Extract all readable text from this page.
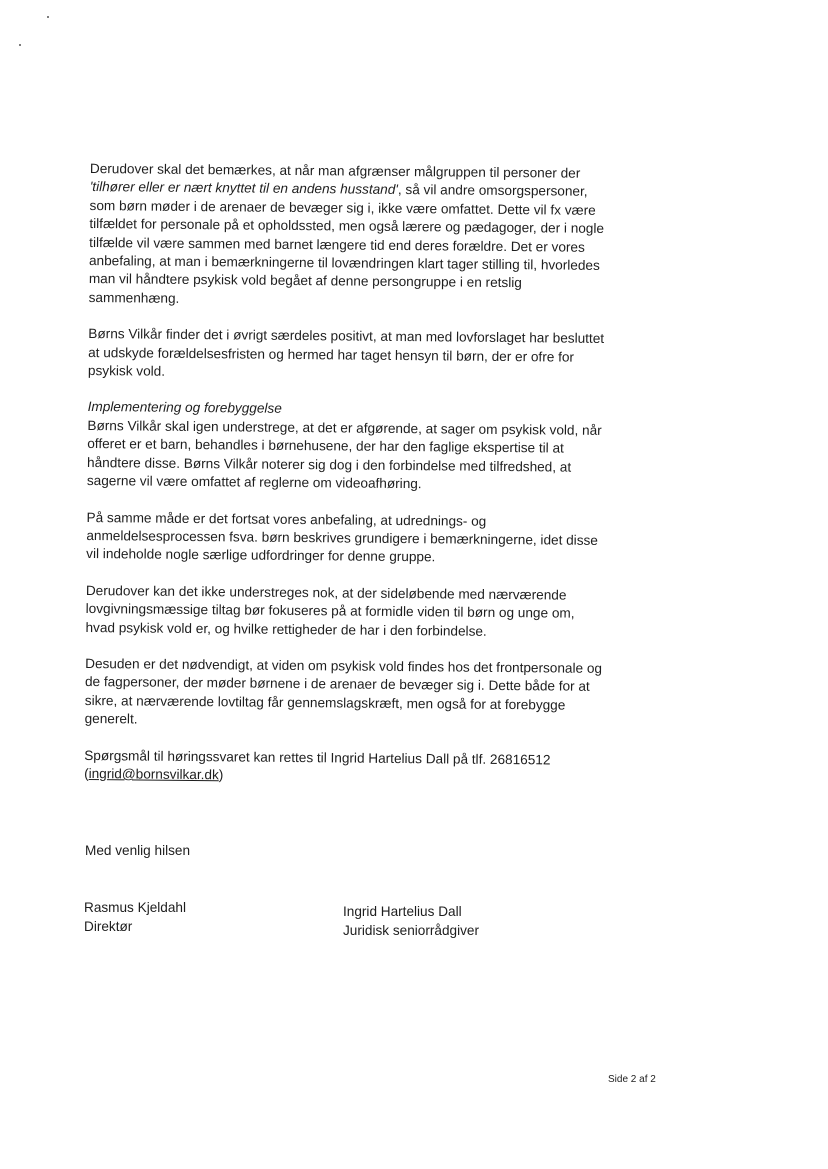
Derudover skal det bemærkes, at når man afgrænser målgruppen til personer der 'tilhører eller er nært knyttet til en andens husstand', så vil andre omsorgspersoner, som børn møder i de arenaer de bevæger sig i, ikke være omfattet. Dette vil fx være tilfældet for personale på et opholdssted, men også lærere og pædagoger, der i nogle tilfælde vil være sammen med barnet længere tid end deres forældre. Det er vores anbefaling, at man i bemærkningerne til lovændringen klart tager stilling til, hvorledes man vil håndtere psykisk vold begået af denne persongruppe i en retslig sammenhæng.

Børns Vilkår finder det i øvrigt særdeles positivt, at man med lovforslaget har besluttet at udskyde forældelsesfristen og hermed har taget hensyn til børn, der er ofre for psykisk vold.

Implementering og forebyggelse

Børns Vilkår skal igen understrege, at det er afgørende, at sager om psykisk vold, når offeret er et barn, behandles i børnehusene, der har den faglige ekspertise til at håndtere disse. Børns Vilkår noterer sig dog i den forbindelse med tilfredshed, at sagerne vil være omfattet af reglerne om videoafhøring.

På samme måde er det fortsat vores anbefaling, at udrednings- og anmeldelsesprocessen fsva. børn beskrives grundigere i bemærkningerne, idet disse vil indeholde nogle særlige udfordringer for denne gruppe.

Derudover kan det ikke understreges nok, at der sideløbende med nærværende lovgivningsmæssige tiltag bør fokuseres på at formidle viden til børn og unge om, hvad psykisk vold er, og hvilke rettigheder de har i den forbindelse.

Desuden er det nødvendigt, at viden om psykisk vold findes hos det frontpersonale og de fagpersoner, der møder børnene i de arenaer de bevæger sig i. Dette både for at sikre, at nærværende lovtiltag får gennemslagskræft, men også for at forebygge generelt.

Spørgsmål til høringssvaret kan rettes til Ingrid Hartelius Dall på tlf. 26816512 (ingrid@bornsvilkar.dk)

Med venlig hilsen
Rasmus Kjeldahl
Direktør
Ingrid Hartelius Dall
Juridisk seniorrådgiver
Side 2 af 2
